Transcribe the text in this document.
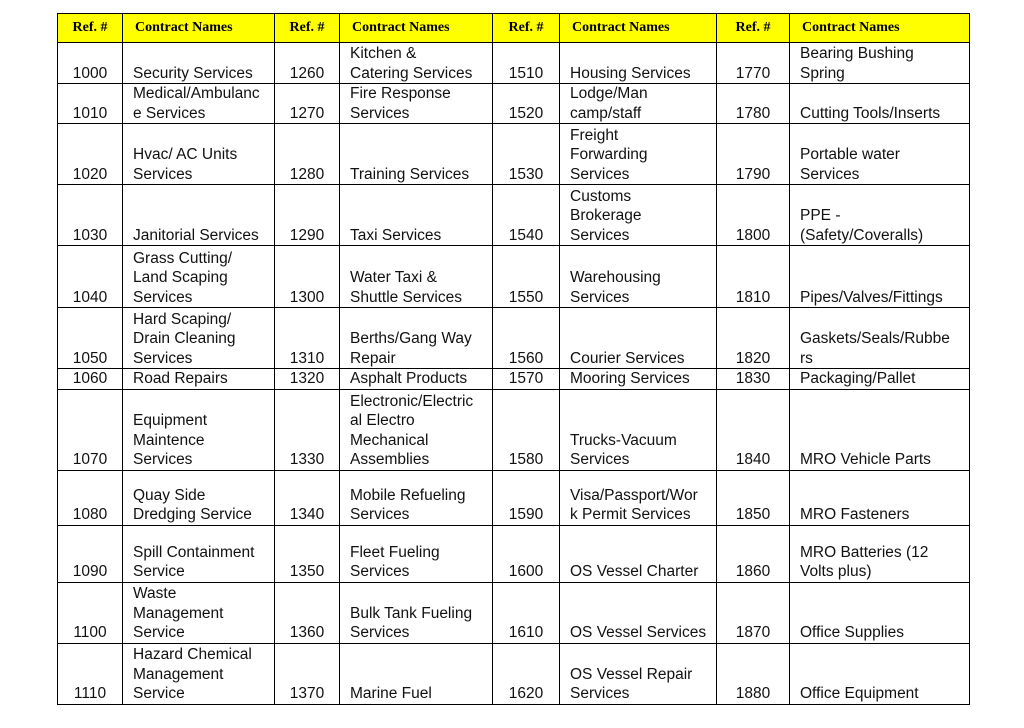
Ref. #	Contract Names	Ref. #	Contract Names	Ref. #	Contract Names	Ref. #	Contract Names
1000	Security Services	1260	Kitchen &
Catering Services	1510	Housing Services	1770	Bearing Bushing
Spring
1010	Medical/Ambulanc
e Services	1270	Fire Response
Services	1520	Lodge/Man
camp/staff	1780	Cutting Tools/Inserts
1020	Hvac/ AC Units
Services	1280	Training Services	1530	Freight
Forwarding
Services	1790	Portable water
Services
1030	Janitorial Services	1290	Taxi Services	1540	Customs
Brokerage
Services	1800	PPE -
(Safety/Coveralls)
1040	Grass Cutting/
Land Scaping
Services	1300	Water Taxi &
Shuttle Services	1550	Warehousing
Services	1810	Pipes/Valves/Fittings
1050	Hard Scaping/
Drain Cleaning
Services	1310	Berths/Gang Way
Repair	1560	Courier Services	1820	Gaskets/Seals/Rubbe
rs
1060	Road Repairs	1320	Asphalt Products	1570	Mooring Services	1830	Packaging/Pallet
1070	Equipment
Maintence
Services	1330	Electronic/Electric
al Electro
Mechanical
Assemblies	1580	Trucks-Vacuum
Services	1840	MRO Vehicle Parts
1080	Quay Side
Dredging Service	1340	Mobile Refueling
Services	1590	Visa/Passport/Wor
k Permit Services	1850	MRO Fasteners
1090	Spill Containment
Service	1350	Fleet Fueling
Services	1600	OS Vessel Charter	1860	MRO Batteries (12
Volts plus)
1100	Waste
Management
Service	1360	Bulk Tank Fueling
Services	1610	OS Vessel Services	1870	Office Supplies
1110	Hazard Chemical
Management
Service	1370	Marine Fuel	1620	OS Vessel Repair
Services	1880	Office Equipment
